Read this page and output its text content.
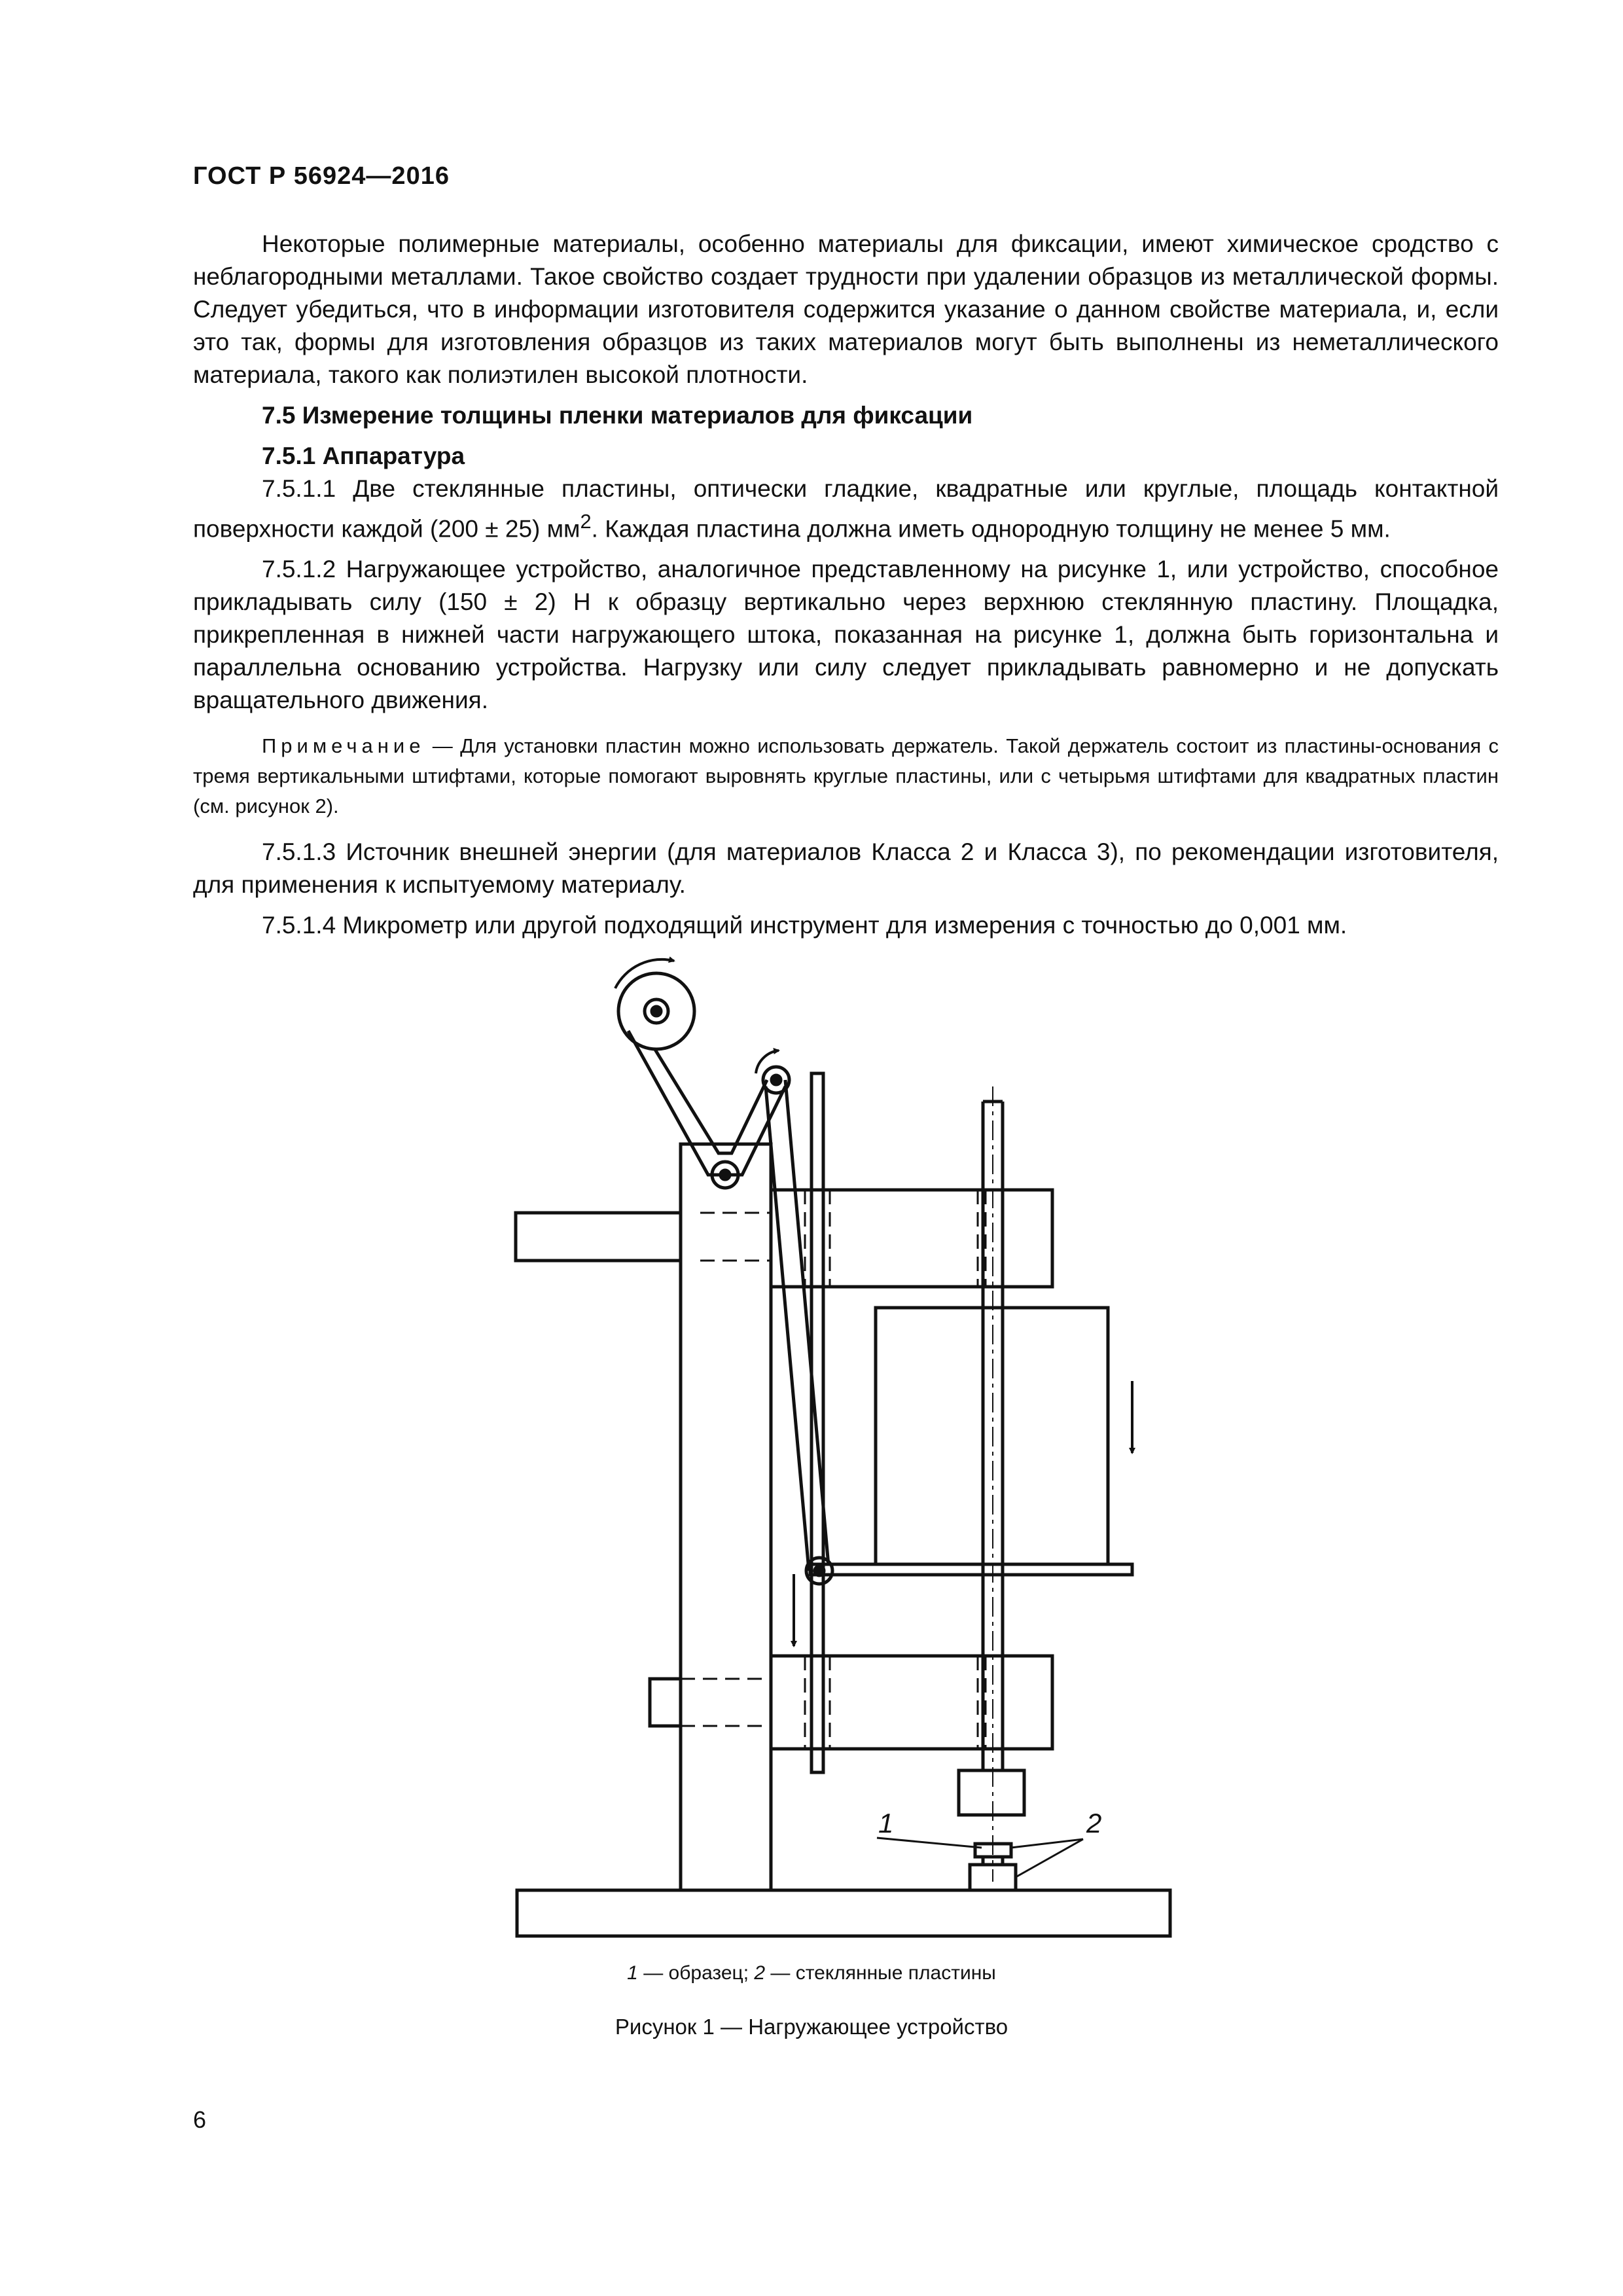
ГОСТ Р 56924—2016

Некоторые полимерные материалы, особенно материалы для фиксации, имеют химическое сродство с неблагородными металлами. Такое свойство создает трудности при удалении образцов из металлической формы. Следует убедиться, что в информации изготовителя содержится указание о данном свойстве материала, и, если это так, формы для изготовления образцов из таких материалов могут быть выполнены из неметаллического материала, такого как полиэтилен высокой плотности.

7.5 Измерение толщины пленки материалов для фиксации

7.5.1 Аппаратура

7.5.1.1 Две стеклянные пластины, оптически гладкие, квадратные или круглые, площадь контактной поверхности каждой (200 ± 25) $мм^2$. Каждая пластина должна иметь однородную толщину не менее 5 мм.

7.5.1.2 Нагружающее устройство, аналогичное представленному на рисунке 1, или устройство, способное прикладывать силу (150 ± 2) Н к образцу вертикально через верхнюю стеклянную пластину. Площадка, прикрепленная в нижней части нагружающего штока, показанная на рисунке 1, должна быть горизонтальна и параллельна основанию устройства. Нагрузку или силу следует прикладывать равномерно и не допускать вращательного движения.

Примечание — Для установки пластин можно использовать держатель. Такой держатель состоит из пластины-основания с тремя вертикальными штифтами, которые помогают выровнять круглые пластины, или с четырьмя штифтами для квадратных пластин (см. рисунок 2).

7.5.1.3 Источник внешней энергии (для материалов Класса 2 и Класса 3), по рекомендации изготовителя, для применения к испытуемому материалу.

7.5.1.4 Микрометр или другой подходящий инструмент для измерения с точностью до 0,001 мм.

1	2
1 — образец; 2 — стеклянные пластины
Рисунок 1 — Нагружающее устройство
6
